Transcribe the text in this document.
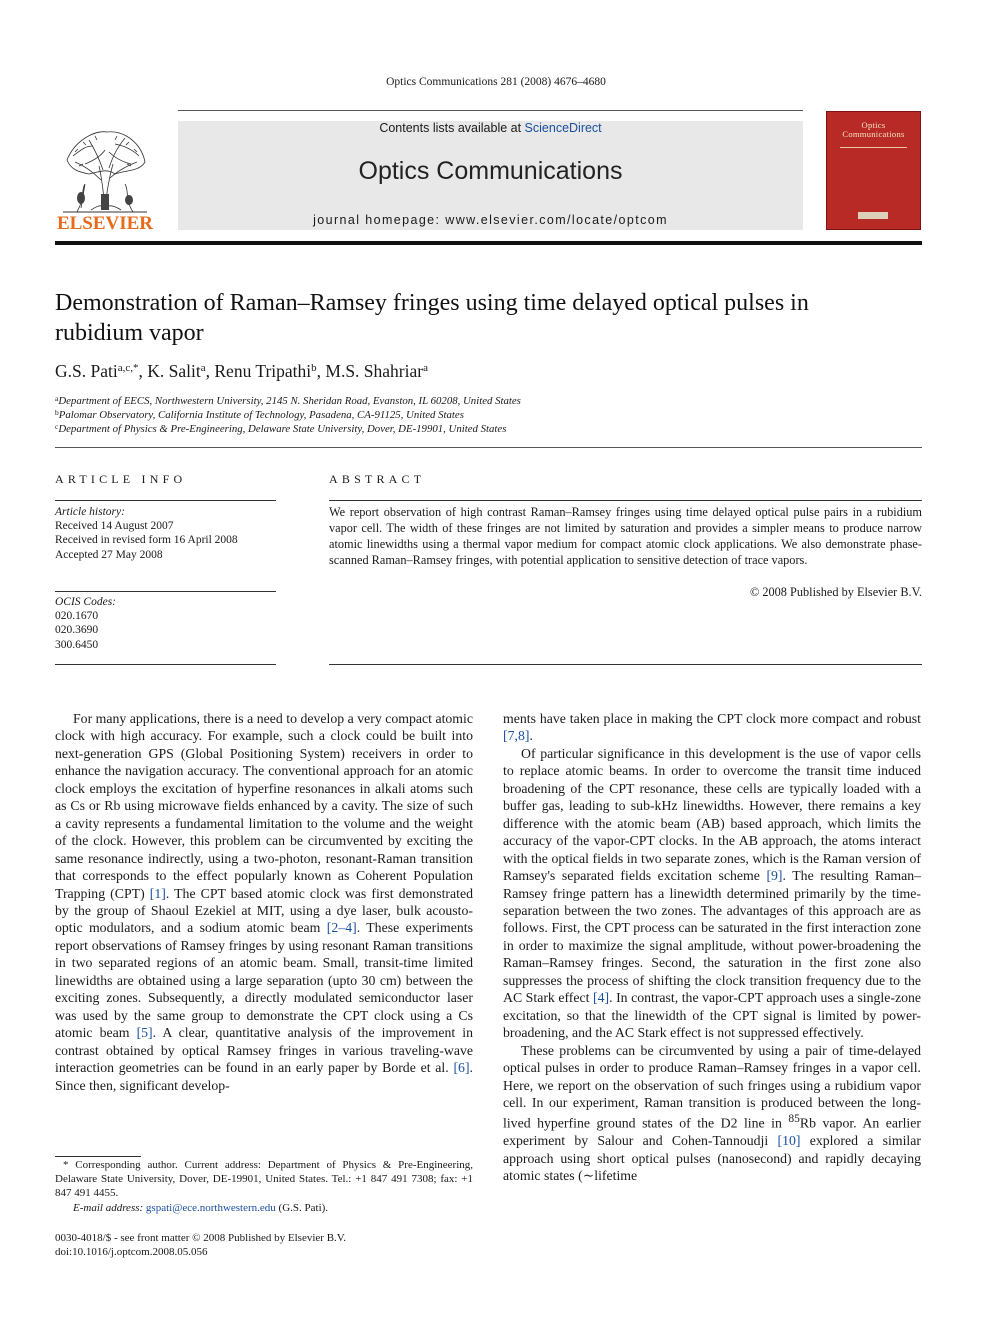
Optics Communications 281 (2008) 4676–4680
ELSEVIER
Contents lists available at ScienceDirect
Optics Communications
journal homepage: www.elsevier.com/locate/optcom
Optics
Communications
Demonstration of Raman–Ramsey fringes using time delayed optical pulses in rubidium vapor
G.S. Pati$^{a,c,*}$, K. Salit$^a$, Renu Tripathi$^b$, M.S. Shahriar$^a$
$^a$Department of EECS, Northwestern University, 2145 N. Sheridan Road, Evanston, IL 60208, United States
$^b$Palomar Observatory, California Institute of Technology, Pasadena, CA-91125, United States
$^c$Department of Physics & Pre-Engineering, Delaware State University, Dover, DE-19901, United States
ARTICLE INFO
Article history:
Received 14 August 2007
Received in revised form 16 April 2008
Accepted 27 May 2008
OCIS Codes:
020.1670
020.3690
300.6450
ABSTRACT
We report observation of high contrast Raman–Ramsey fringes using time delayed optical pulse pairs in a rubidium vapor cell. The width of these fringes are not limited by saturation and provides a simpler means to produce narrow atomic linewidths using a thermal vapor medium for compact atomic clock applications. We also demonstrate phase-scanned Raman–Ramsey fringes, with potential application to sensitive detection of trace vapors.
© 2008 Published by Elsevier B.V.

For many applications, there is a need to develop a very compact atomic clock with high accuracy. For example, such a clock could be built into next-generation GPS (Global Positioning System) receivers in order to enhance the navigation accuracy. The conventional approach for an atomic clock employs the excitation of hyperfine resonances in alkali atoms such as Cs or Rb using microwave fields enhanced by a cavity. The size of such a cavity represents a fundamental limitation to the volume and the weight of the clock. However, this problem can be circumvented by exciting the same resonance indirectly, using a two-photon, resonant-Raman transition that corresponds to the effect popularly known as Coherent Population Trapping (CPT) [1]. The CPT based atomic clock was first demonstrated by the group of Shaoul Ezekiel at MIT, using a dye laser, bulk acousto-optic modulators, and a sodium atomic beam [2–4]. These experiments report observations of Ramsey fringes by using resonant Raman transitions in two separated regions of an atomic beam. Small, transit-time limited linewidths are obtained using a large separation (upto 30 cm) between the exciting zones. Subsequently, a directly modulated semiconductor laser was used by the same group to demonstrate the CPT clock using a Cs atomic beam [5]. A clear, quantitative analysis of the improvement in contrast obtained by optical Ramsey fringes in various traveling-wave interaction geometries can be found in an early paper by Borde et al. [6]. Since then, significant develop-

ments have taken place in making the CPT clock more compact and robust [7,8].

Of particular significance in this development is the use of vapor cells to replace atomic beams. In order to overcome the transit time induced broadening of the CPT resonance, these cells are typically loaded with a buffer gas, leading to sub-kHz linewidths. However, there remains a key difference with the atomic beam (AB) based approach, which limits the accuracy of the vapor-CPT clocks. In the AB approach, the atoms interact with the optical fields in two separate zones, which is the Raman version of Ramsey's separated fields excitation scheme [9]. The resulting Raman–Ramsey fringe pattern has a linewidth determined primarily by the time-separation between the two zones. The advantages of this approach are as follows. First, the CPT process can be saturated in the first interaction zone in order to maximize the signal amplitude, without power-broadening the Raman–Ramsey fringes. Second, the saturation in the first zone also suppresses the process of shifting the clock transition frequency due to the AC Stark effect [4]. In contrast, the vapor-CPT approach uses a single-zone excitation, so that the linewidth of the CPT signal is limited by power-broadening, and the AC Stark effect is not suppressed effectively.

These problems can be circumvented by using a pair of time-delayed optical pulses in order to produce Raman–Ramsey fringes in a vapor cell. Here, we report on the observation of such fringes using a rubidium vapor cell. In our experiment, Raman transition is produced between the long-lived hyperfine ground states of the D2 line in $^{85}$Rb vapor. An earlier experiment by Salour and Cohen-Tannoudji [10] explored a similar approach using short optical pulses (nanosecond) and rapidly decaying atomic states (∼lifetime

* Corresponding author. Current address: Department of Physics & Pre-Engineering, Delaware State University, Dover, DE-19901, United States. Tel.: +1 847 491 7308; fax: +1 847 491 4455.
E-mail address: gspati@ece.northwestern.edu (G.S. Pati).
0030-4018/$ - see front matter © 2008 Published by Elsevier B.V.
doi:10.1016/j.optcom.2008.05.056
